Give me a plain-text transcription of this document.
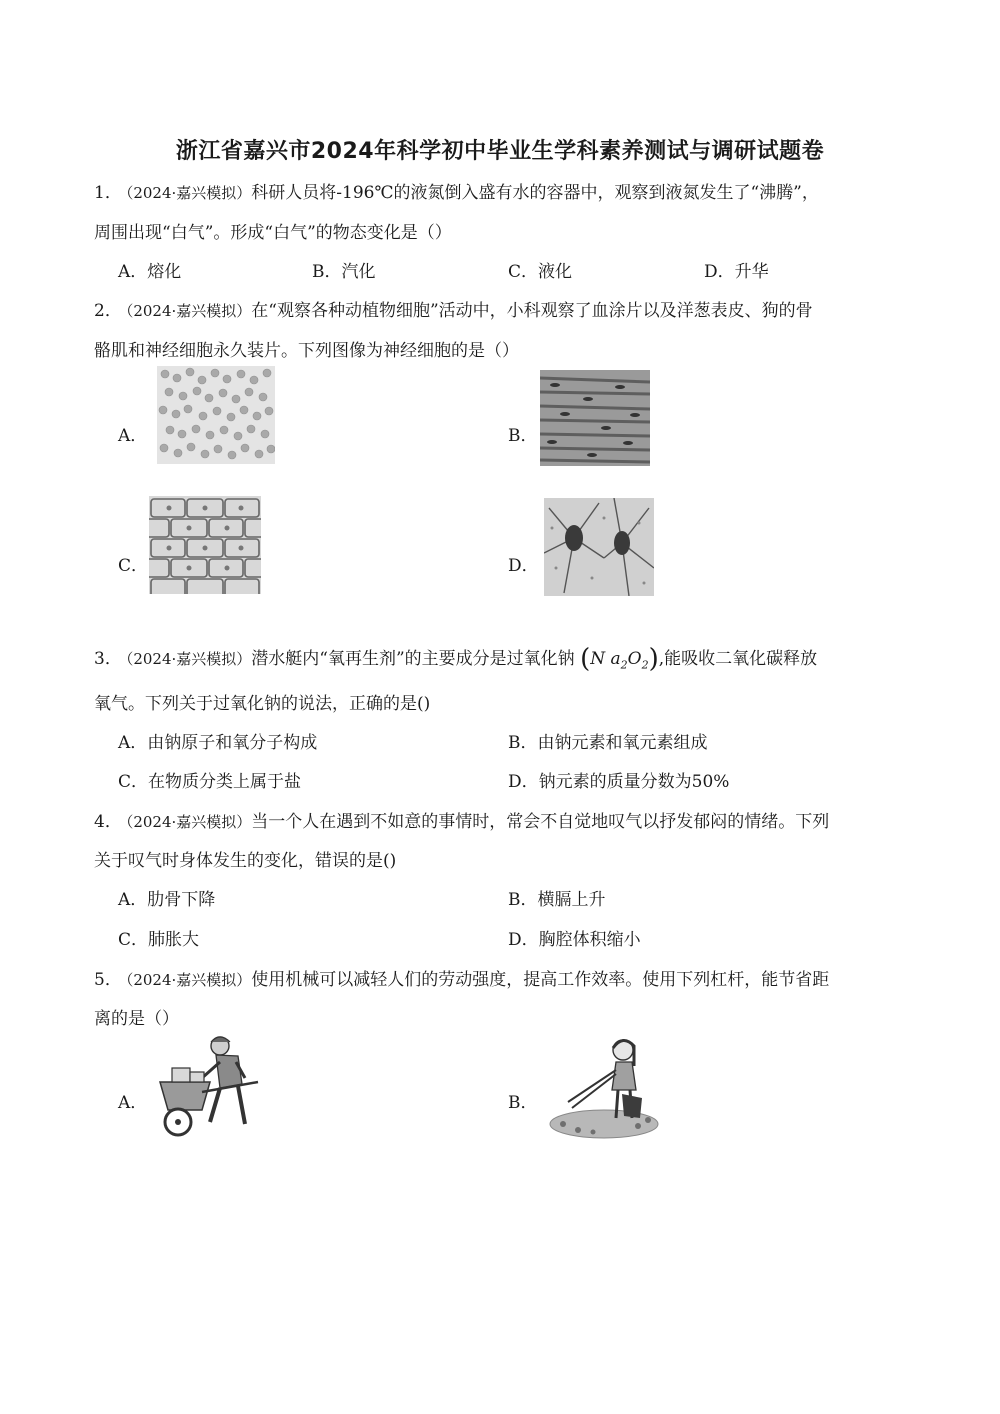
浙江省嘉兴市2024年科学初中毕业生学科素养测试与调研试题卷
1． （2024·嘉兴模拟）科研人员将-196℃的液氮倒入盛有水的容器中，观察到液氮发生了“沸腾”，
周围出现“白气”。形成“白气”的物态变化是（）
A．熔化	B．汽化	C．液化	D．升华
2． （2024·嘉兴模拟）在“观察各种动植物细胞”活动中，小科观察了血涂片以及洋葱表皮、狗的骨
骼肌和神经细胞永久装片。下列图像为神经细胞的是（）
A．	B．
C．	D．
3． （2024·嘉兴模拟）潜水艇内“氧再生剂”的主要成分是过氧化钠 (N $a_2O_2$),能吸收二氧化碳释放
氧气。下列关于过氧化钠的说法，正确的是()
A．由钠原子和氧分子构成	B．由钠元素和氧元素组成
C．在物质分类上属于盐	D．钠元素的质量分数为50%
4． （2024·嘉兴模拟）当一个人在遇到不如意的事情时，常会不自觉地叹气以抒发郁闷的情绪。下列
关于叹气时身体发生的变化，错误的是()
A．肋骨下降	B．横膈上升
C．肺胀大	D．胸腔体积缩小
5． （2024·嘉兴模拟）使用机械可以减轻人们的劳动强度，提高工作效率。使用下列杠杆，能节省距
离的是（）
A．	B．
